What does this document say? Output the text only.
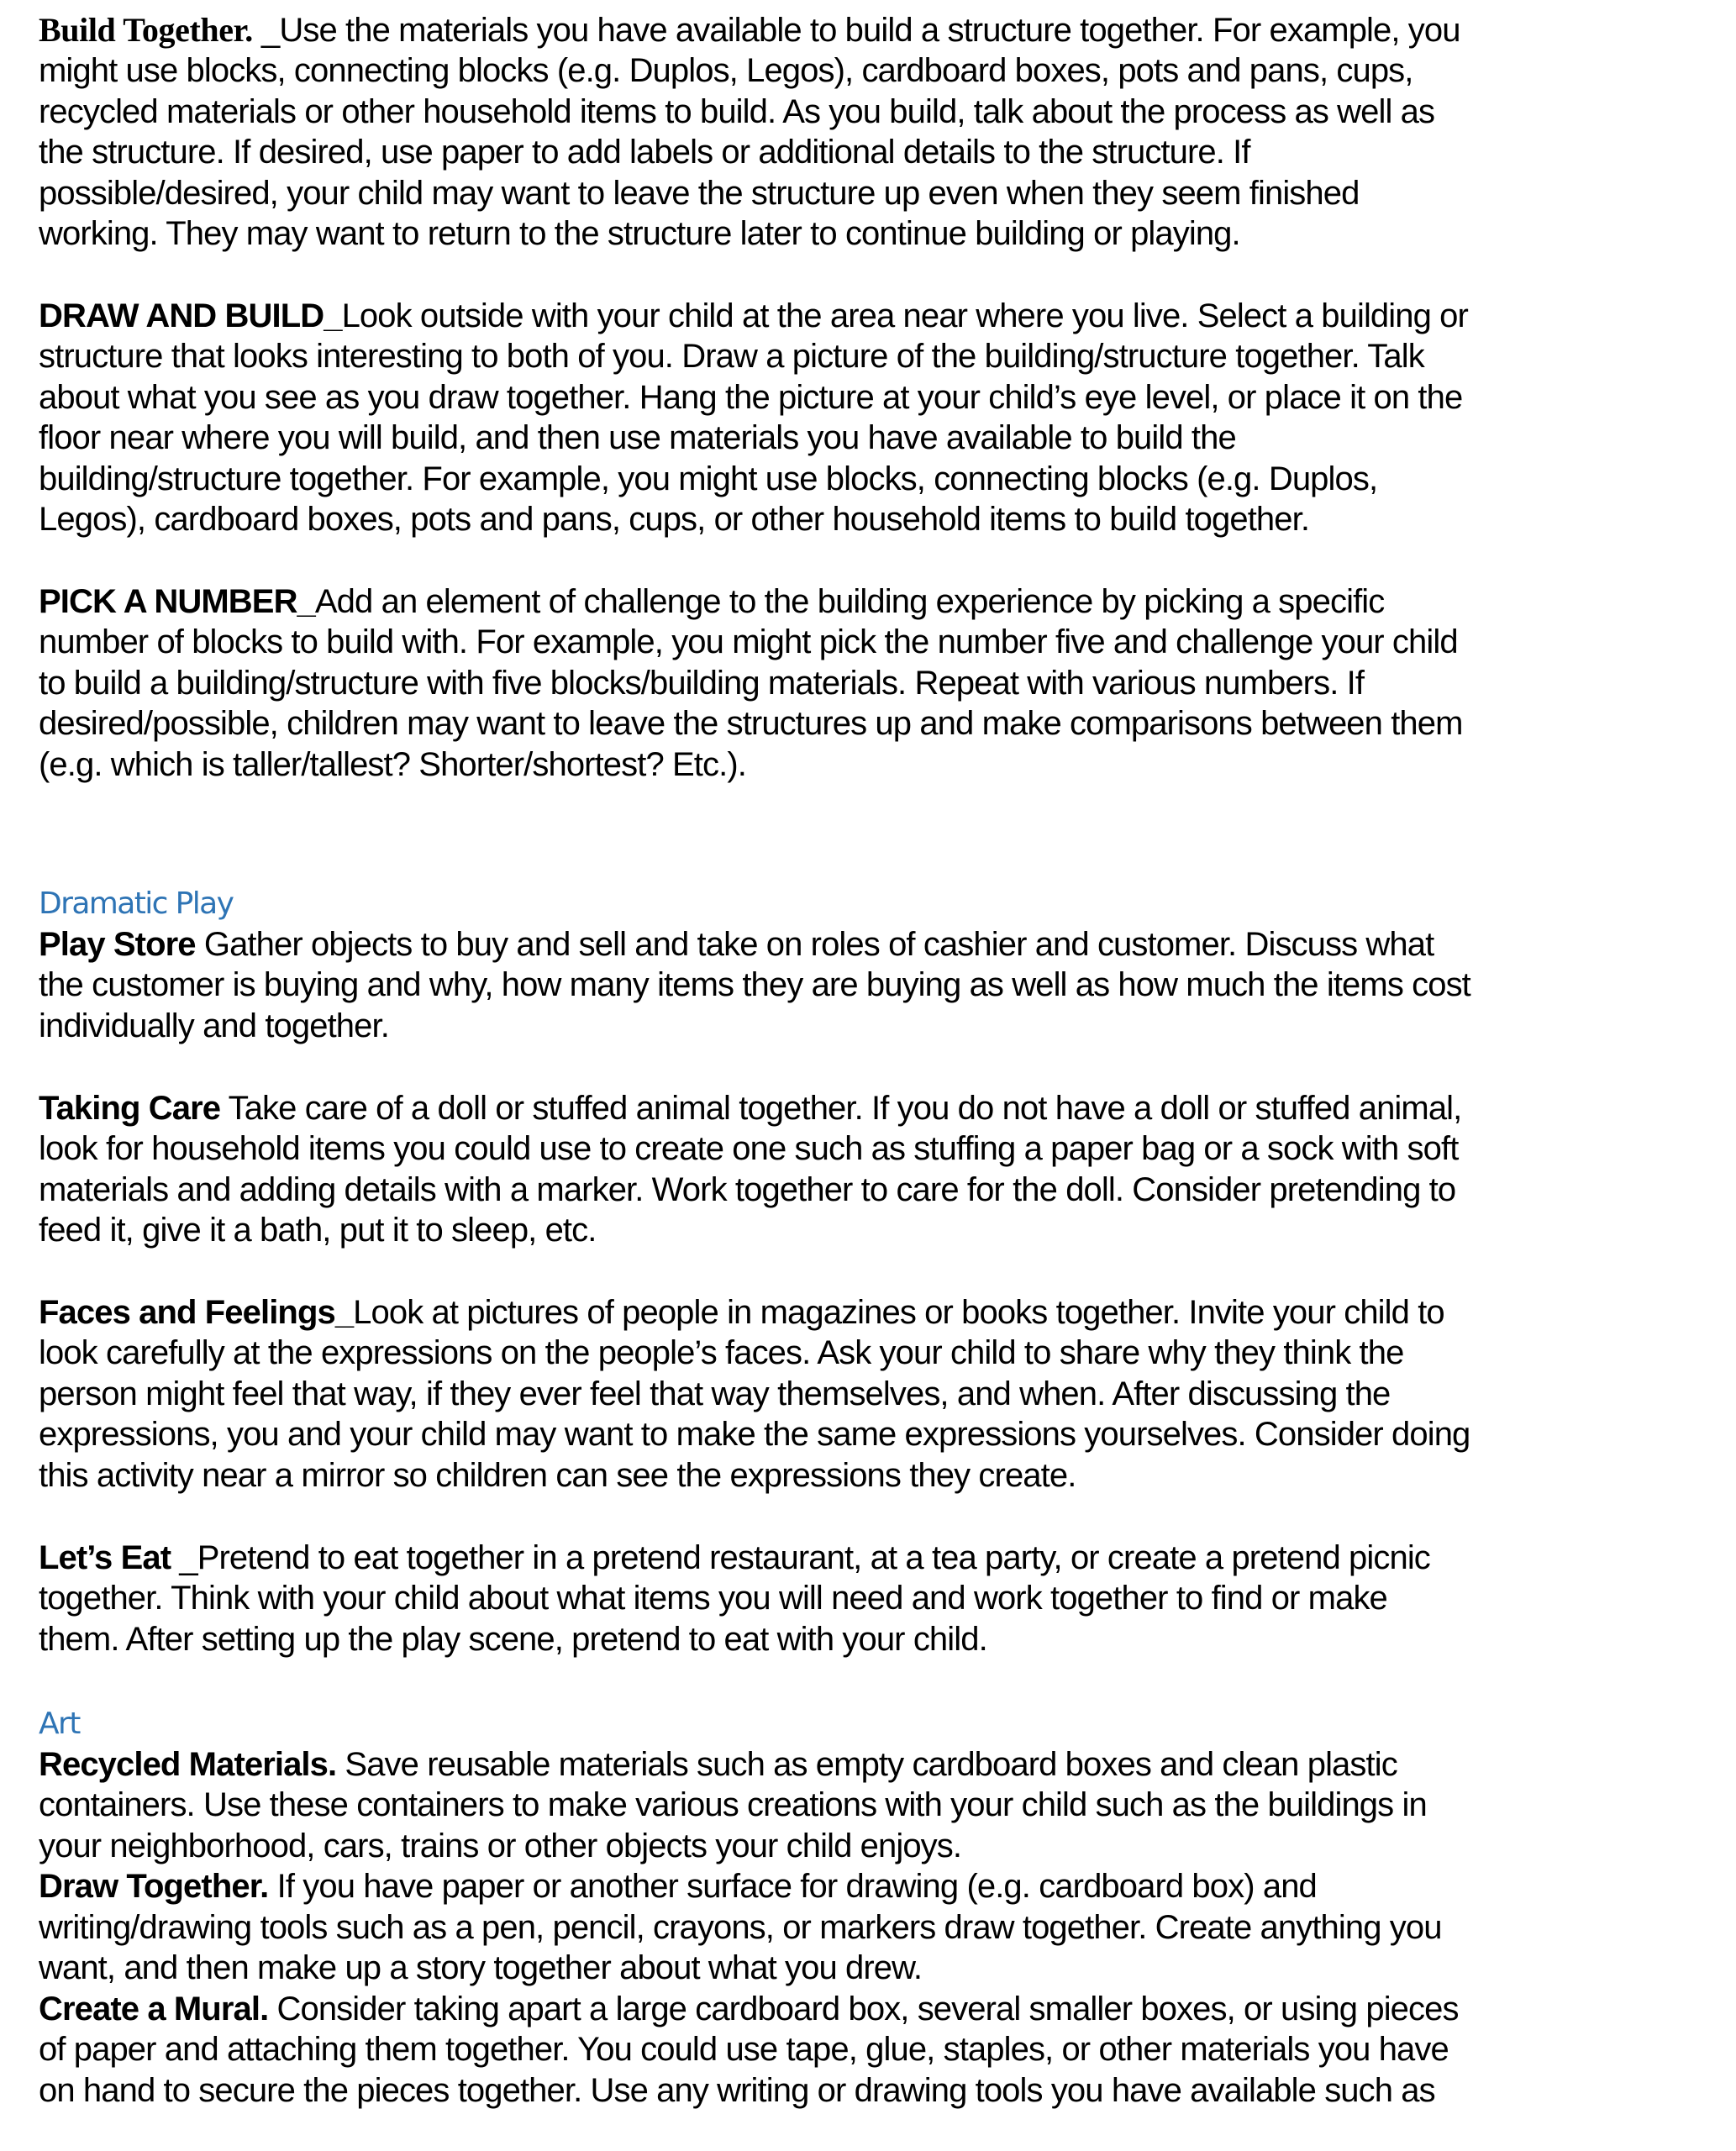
Build Together. _Use the materials you have available to build a structure together. For example, you
might use blocks, connecting blocks (e.g. Duplos, Legos), cardboard boxes, pots and pans, cups,
recycled materials or other household items to build. As you build, talk about the process as well as
the structure. If desired, use paper to add labels or additional details to the structure. If
possible/desired, your child may want to leave the structure up even when they seem finished
working. They may want to return to the structure later to continue building or playing.
DRAW AND BUILD_Look outside with your child at the area near where you live. Select a building or
structure that looks interesting to both of you. Draw a picture of the building/structure together. Talk
about what you see as you draw together. Hang the picture at your child’s eye level, or place it on the
floor near where you will build, and then use materials you have available to build the
building/structure together. For example, you might use blocks, connecting blocks (e.g. Duplos,
Legos), cardboard boxes, pots and pans, cups, or other household items to build together.
PICK A NUMBER_Add an element of challenge to the building experience by picking a specific
number of blocks to build with. For example, you might pick the number five and challenge your child
to build a building/structure with five blocks/building materials. Repeat with various numbers. If
desired/possible, children may want to leave the structures up and make comparisons between them
(e.g. which is taller/tallest? Shorter/shortest? Etc.).
Dramatic Play
Play Store Gather objects to buy and sell and take on roles of cashier and customer. Discuss what
the customer is buying and why, how many items they are buying as well as how much the items cost
individually and together.
Taking Care Take care of a doll or stuffed animal together. If you do not have a doll or stuffed animal,
look for household items you could use to create one such as stuffing a paper bag or a sock with soft
materials and adding details with a marker. Work together to care for the doll. Consider pretending to
feed it, give it a bath, put it to sleep, etc.
Faces and Feelings_Look at pictures of people in magazines or books together. Invite your child to
look carefully at the expressions on the people’s faces. Ask your child to share why they think the
person might feel that way, if they ever feel that way themselves, and when. After discussing the
expressions, you and your child may want to make the same expressions yourselves. Consider doing
this activity near a mirror so children can see the expressions they create.
Let’s Eat _Pretend to eat together in a pretend restaurant, at a tea party, or create a pretend picnic
together. Think with your child about what items you will need and work together to find or make
them. After setting up the play scene, pretend to eat with your child.
Art
Recycled Materials. Save reusable materials such as empty cardboard boxes and clean plastic
containers. Use these containers to make various creations with your child such as the buildings in
your neighborhood, cars, trains or other objects your child enjoys.
Draw Together. If you have paper or another surface for drawing (e.g. cardboard box) and
writing/drawing tools such as a pen, pencil, crayons, or markers draw together. Create anything you
want, and then make up a story together about what you drew.
Create a Mural. Consider taking apart a large cardboard box, several smaller boxes, or using pieces
of paper and attaching them together. You could use tape, glue, staples, or other materials you have
on hand to secure the pieces together. Use any writing or drawing tools you have available such as
